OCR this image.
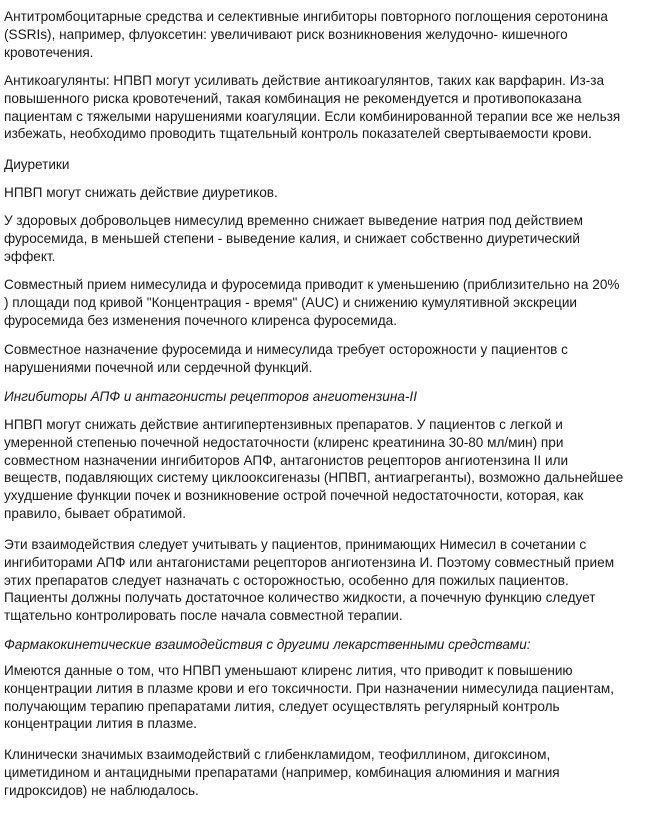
Антитромбоцитарные средства и селективные ингибиторы повторного поглощения серотонина
(SSRIs), например, флуоксетин: увеличивают риск возникновения желудочно- кишечного
кровотечения.

Антикоагулянты: НПВП могут усиливать действие антикоагулянтов, таких как варфарин. Из-за
повышенного риска кровотечений, такая комбинация не рекомендуется и противопоказана
пациентам с тяжелыми нарушениями коагуляции. Если комбинированной терапии все же нельзя
избежать, необходимо проводить тщательный контроль показателей свертываемости крови.

Диуретики

НПВП могут снижать действие диуретиков.

У здоровых добровольцев нимесулид временно снижает выведение натрия под действием
фуросемида, в меньшей степени - выведение калия, и снижает собственно диуретический
эффект.

Совместный прием нимесулида и фуросемида приводит к уменьшению (приблизительно на 20%
) площади под кривой "Концентрация - время" (AUC) и снижению кумулятивной экскреции
фуросемида без изменения почечного клиренса фуросемида.

Совместное назначение фуросемида и нимесулида требует осторожности у пациентов с
нарушениями почечной или сердечной функций.

Ингибиторы АПФ и антагонисты рецепторов ангиотензина-II

НПВП могут снижать действие антигипертензивных препаратов. У пациентов с легкой и
умеренной степенью почечной недостаточности (клиренс креатинина 30-80 мл/мин) при
совместном назначении ингибиторов АПФ, антагонистов рецепторов ангиотензина II или
веществ, подавляющих систему циклооксигеназы (НПВП, антиагреганты), возможно дальнейшее
ухудшение функции почек и возникновение острой почечной недостаточности, которая, как
правило, бывает обратимой.

Эти взаимодействия следует учитывать у пациентов, принимающих Нимесил в сочетании с
ингибиторами АПФ или антагонистами рецепторов ангиотензина И. Поэтому совместный прием
этих препаратов следует назначать с осторожностью, особенно для пожилых пациентов.
Пациенты должны получать достаточное количество жидкости, а почечную функцию следует
тщательно контролировать после начала совместной терапии.

Фармакокинетические взаимодействия с другими лекарственными средствами:

Имеются данные о том, что НПВП уменьшают клиренс лития, что приводит к повышению
концентрации лития в плазме крови и его токсичности. При назначении нимесулида пациентам,
получающим терапию препаратами лития, следует осуществлять регулярный контроль
концентрации лития в плазме.

Клинически значимых взаимодействий с глибенкламидом, теофиллином, дигоксином,
циметидином и антацидными препаратами (например, комбинация алюминия и магния
гидроксидов) не наблюдалось.
